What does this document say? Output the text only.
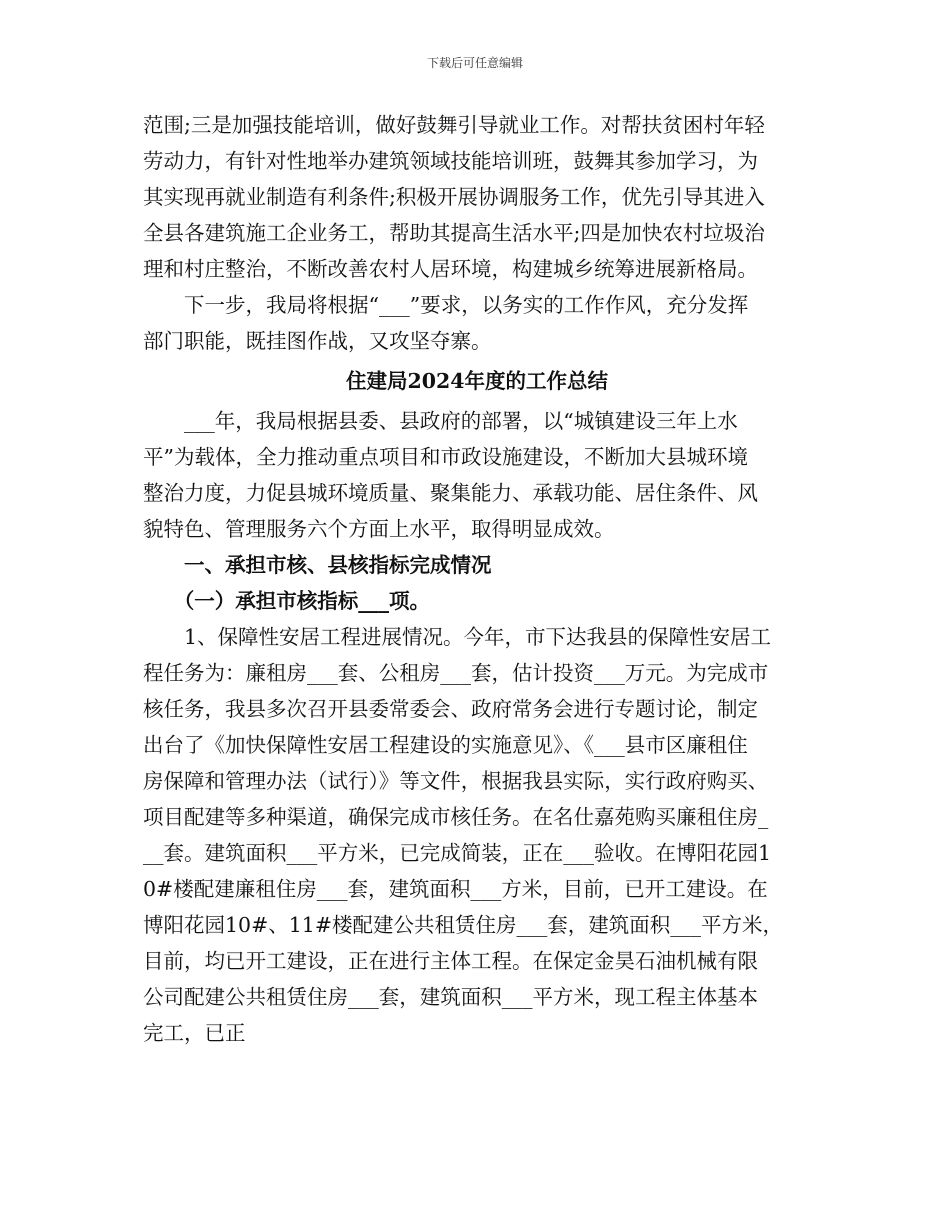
下载后可任意编辑
范围;三是加强技能培训，做好鼓舞引导就业工作。对帮扶贫困村年轻
劳动力，有针对性地举办建筑领域技能培训班，鼓舞其参加学习，为
其实现再就业制造有利条件;积极开展协调服务工作，优先引导其进入
全县各建筑施工企业务工，帮助其提高生活水平;四是加快农村垃圾治
理和村庄整治，不断改善农村人居环境，构建城乡统筹进展新格局。
　　下一步，我局将根据“___”要求，以务实的工作作风，充分发挥
部门职能，既挂图作战，又攻坚夺寨。
住建局2024年度的工作总结
　　___年，我局根据县委、县政府的部署，以“城镇建设三年上水
平”为载体，全力推动重点项目和市政设施建设，不断加大县城环境
整治力度，力促县城环境质量、聚集能力、承载功能、居住条件、风
貌特色、管理服务六个方面上水平，取得明显成效。
　　一、承担市核、县核指标完成情况
　　（一）承担市核指标___项。
　　1、保障性安居工程进展情况。今年，市下达我县的保障性安居工
程任务为：廉租房___套、公租房___套，估计投资___万元。为完成市
核任务，我县多次召开县委常委会、政府常务会进行专题讨论，制定
出台了《加快保障性安居工程建设的实施意见》、《___县市区廉租住
房保障和管理办法（试行）》等文件，根据我县实际，实行政府购买、
项目配建等多种渠道，确保完成市核任务。在名仕嘉苑购买廉租住房_
__套。建筑面积___平方米，已完成简装，正在___验收。在博阳花园1
0#楼配建廉租住房___套，建筑面积___方米，目前，已开工建设。在
博阳花园10#、11#楼配建公共租赁住房___套，建筑面积___平方米，
目前，均已开工建设，正在进行主体工程。在保定金昊石油机械有限
公司配建公共租赁住房___套，建筑面积___平方米，现工程主体基本
完工，已正
